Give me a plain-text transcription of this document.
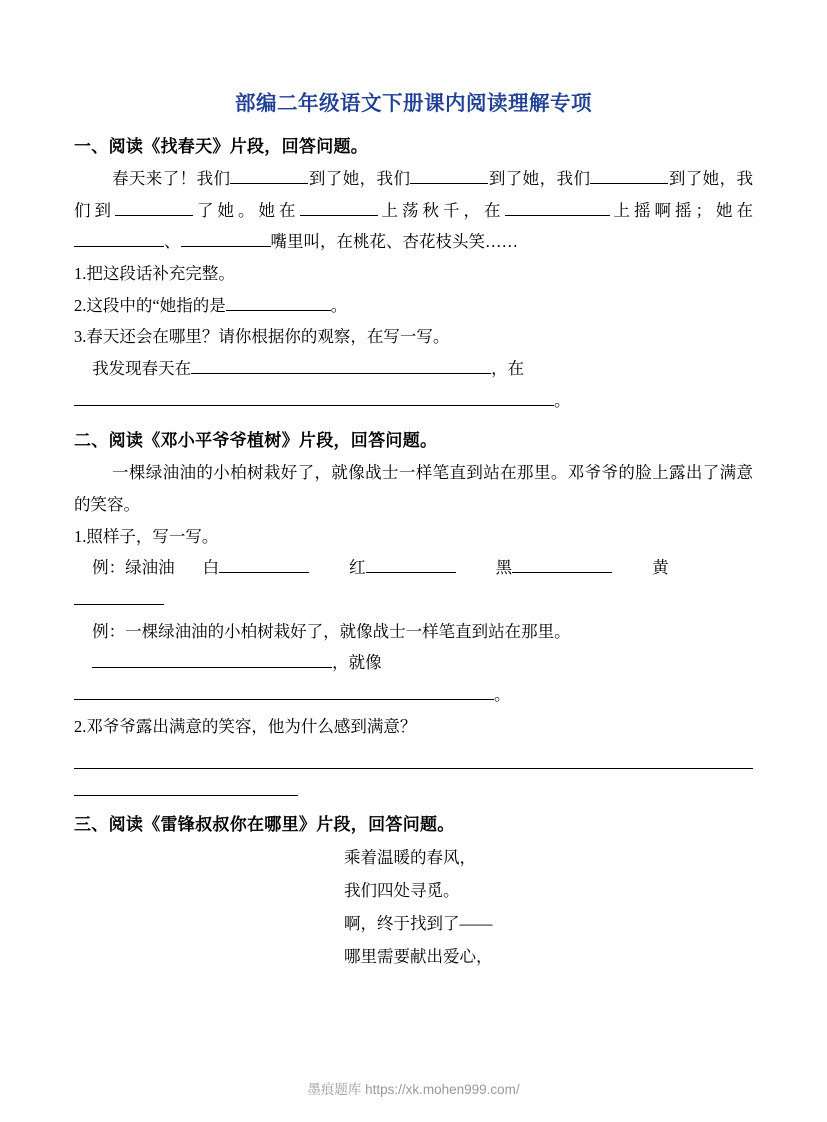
部编二年级语文下册课内阅读理解专项
一、阅读《找春天》片段，回答问题。
春天来了！我们	到了她，我们	到了她，我们	到了她，我们到	了她。她在	上荡秋千，在	上摇啊摇；她在、	嘴里叫，在桃花、杏花枝头笑……
1.把这段话补充完整。
2.这段中的“她指的是	。
3.春天还会在哪里？请你根据你的观察，在写一写。
我发现春天在	，在
。
二、阅读《邓小平爷爷植树》片段，回答问题。
一棵绿油油的小柏树栽好了，就像战士一样笔直到站在那里。邓爷爷的脸上露出了满意的笑容。
1.照样子，写一写。
例：绿油油 白	红	黑	黄
例：一棵绿油油的小柏树栽好了，就像战士一样笔直到站在那里。
，就像
。
2.邓爷爷露出满意的笑容，他为什么感到满意？
三、阅读《雷锋叔叔你在哪里》片段，回答问题。
乘着温暖的春风，
我们四处寻觅。
啊，终于找到了——
哪里需要献出爱心，
墨痕题库 https://xk.mohen999.com/
